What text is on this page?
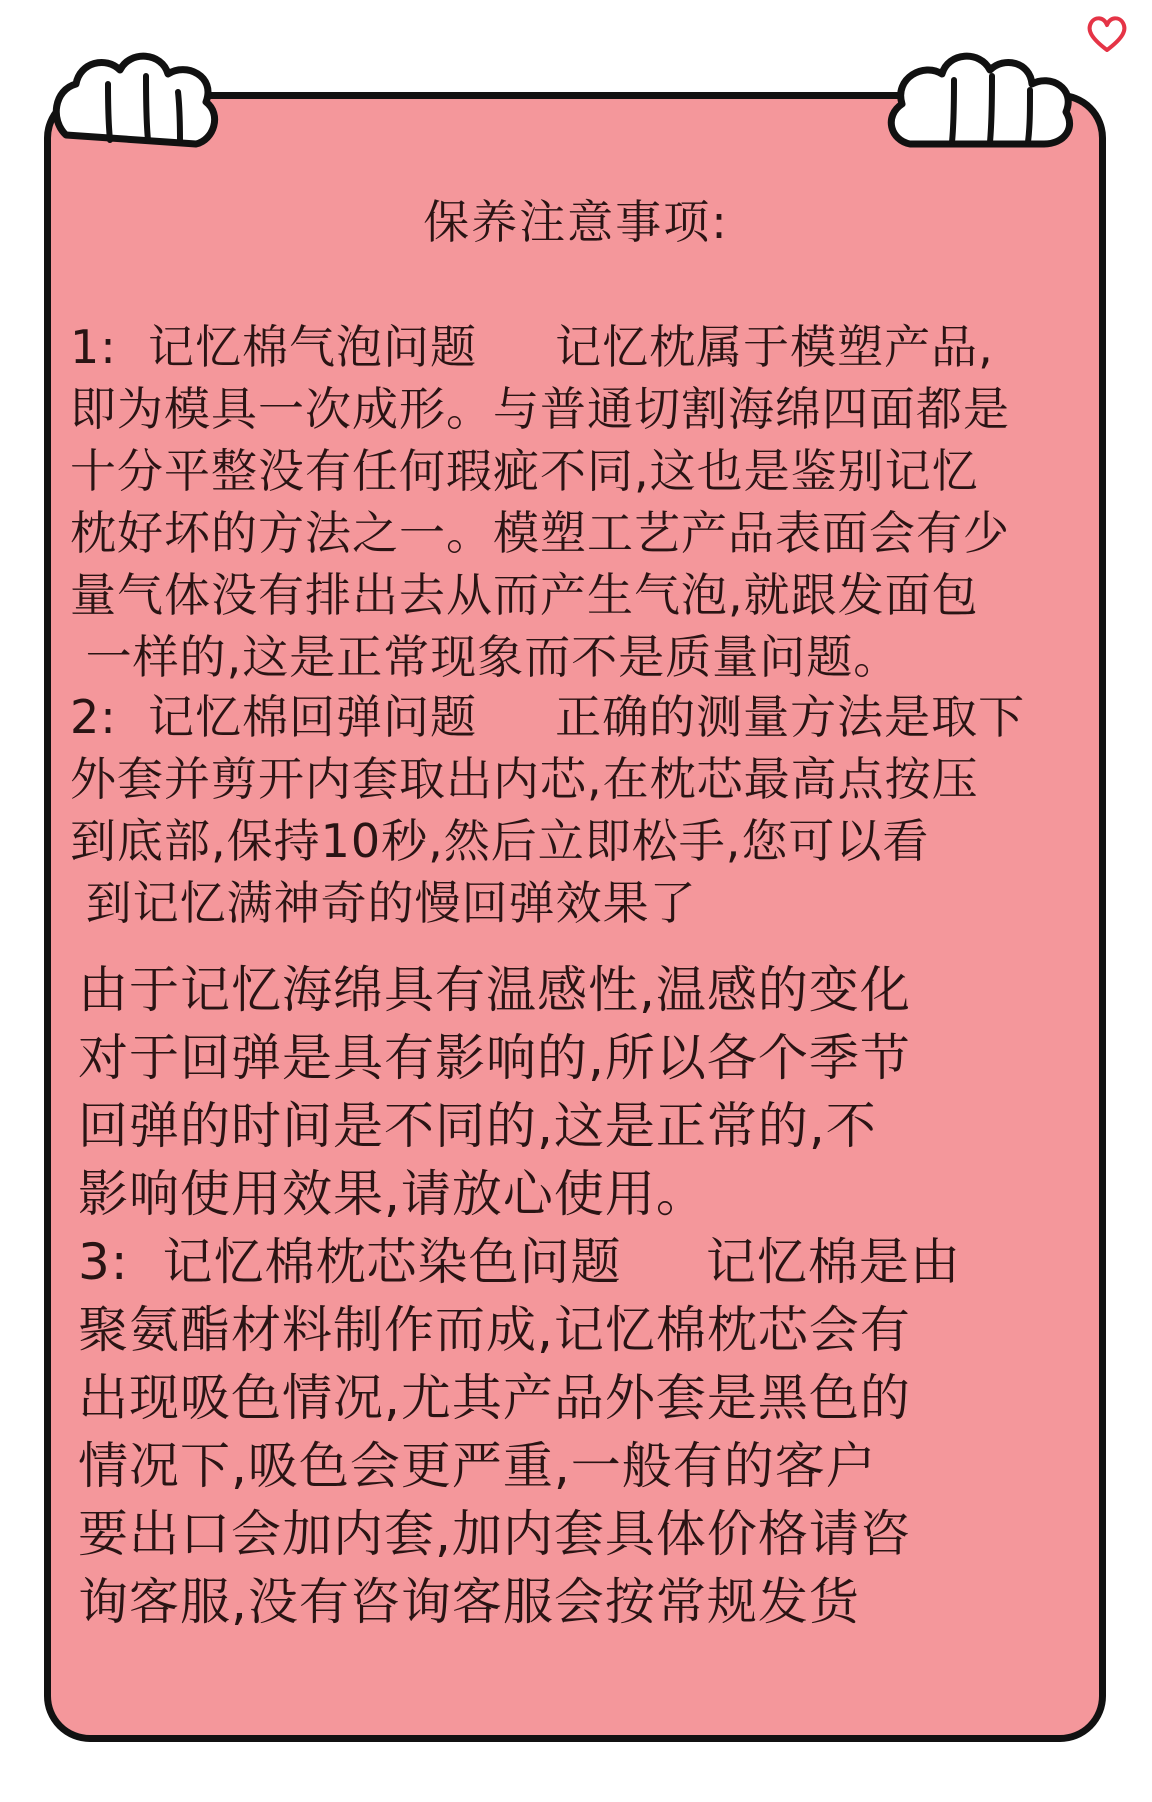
保养注意事项:

1:  记忆棉气泡问题     记忆枕属于模塑产品,

即为模具一次成形。与普通切割海绵四面都是

十分平整没有任何瑕疵不同,这也是鉴别记忆

枕好坏的方法之一。模塑工艺产品表面会有少

量气体没有排出去从而产生气泡,就跟发面包

一样的,这是正常现象而不是质量问题。

2:  记忆棉回弹问题     正确的测量方法是取下

外套并剪开内套取出内芯,在枕芯最高点按压

到底部,保持10秒,然后立即松手,您可以看

到记忆满神奇的慢回弹效果了

由于记忆海绵具有温感性,温感的变化

对于回弹是具有影响的,所以各个季节

回弹的时间是不同的,这是正常的,不

影响使用效果,请放心使用。

3:  记忆棉枕芯染色问题     记忆棉是由

聚氨酯材料制作而成,记忆棉枕芯会有

出现吸色情况,尤其产品外套是黑色的

情况下,吸色会更严重,一般有的客户

要出口会加内套,加内套具体价格请咨

询客服,没有咨询客服会按常规发货
